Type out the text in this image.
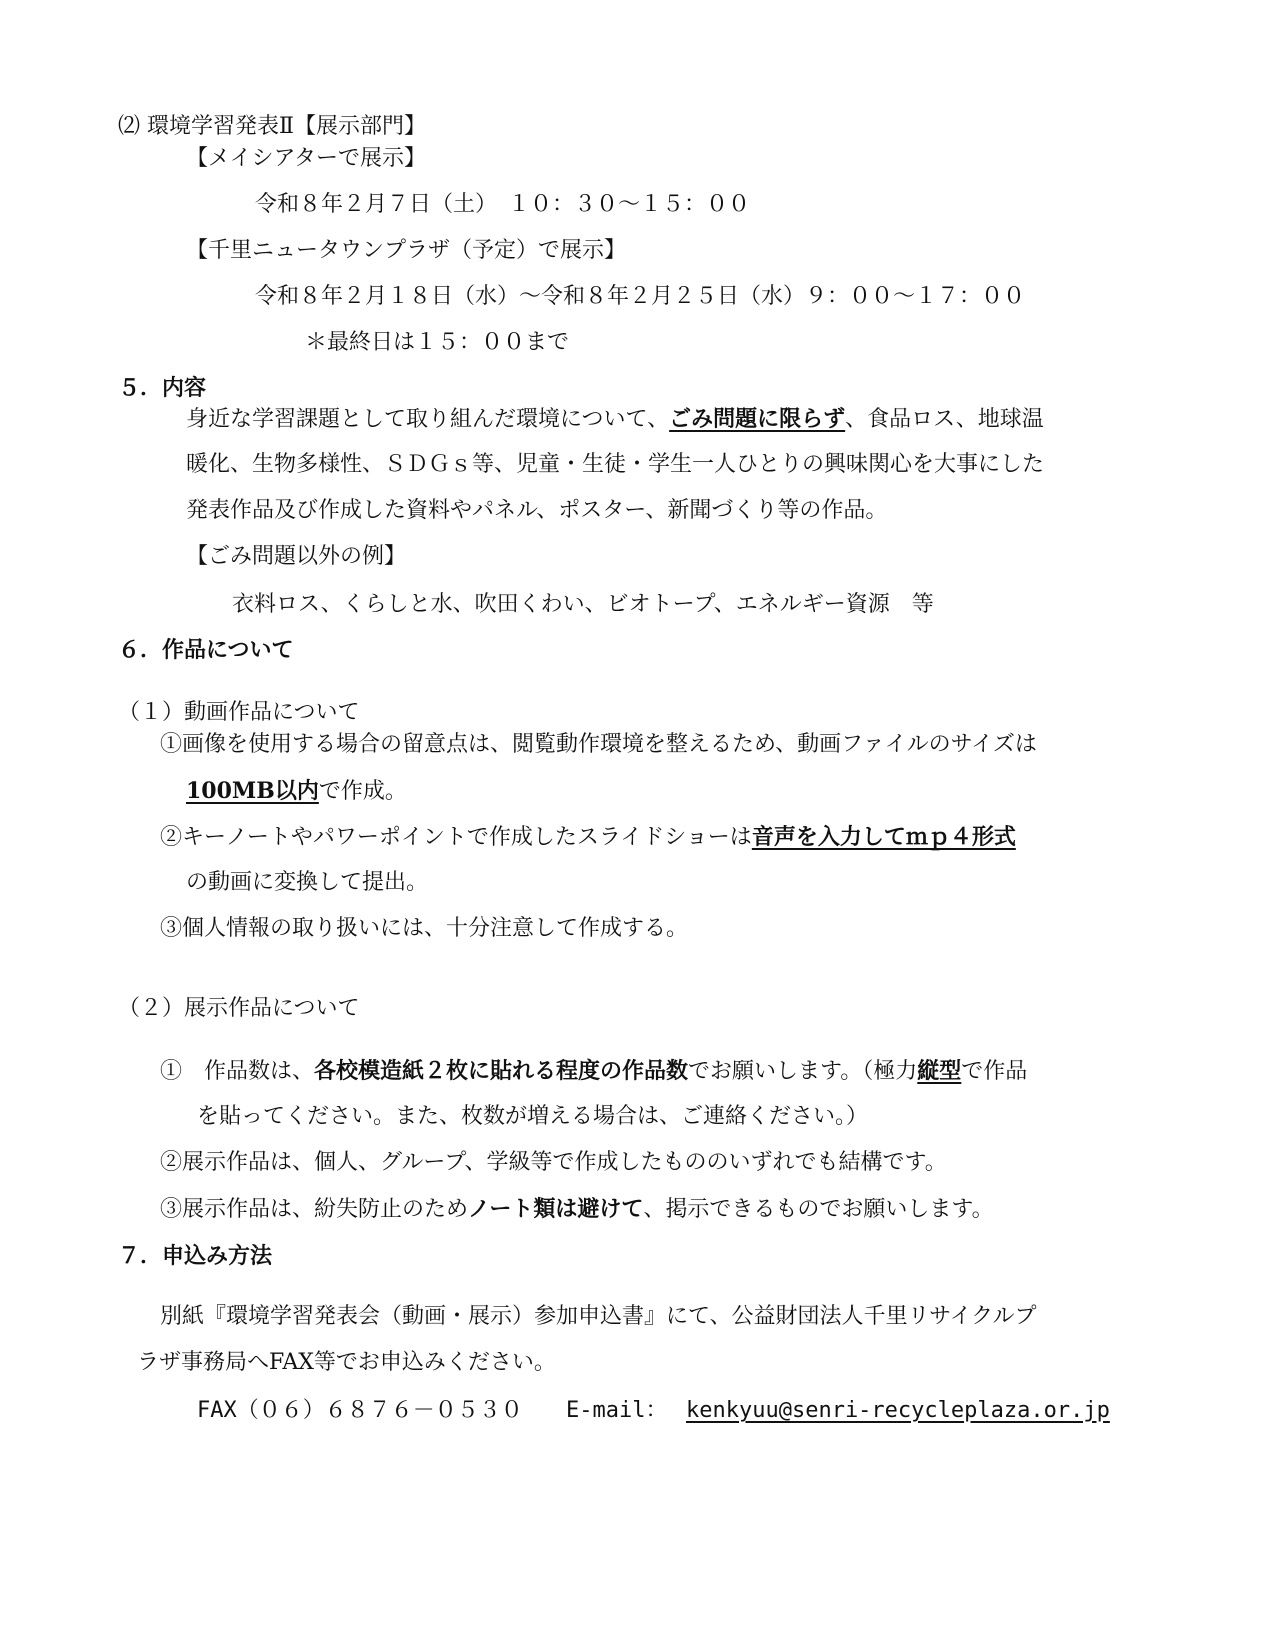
⑵ 環境学習発表Ⅱ【展示部門】
【メイシアターで展示】
令和８年２月７日（土）　１０：３０～１５：００
【千里ニュータウンプラザ（予定）で展示】
令和８年２月１８日（水）～令和８年２月２５日（水）９：００～１７：００
＊最終日は１５：００まで
５．内容
身近な学習課題として取り組んだ環境について、ごみ問題に限らず、食品ロス、地球温
暖化、生物多様性、ＳＤＧｓ等、児童・生徒・学生一人ひとりの興味関心を大事にした
発表作品及び作成した資料やパネル、ポスター、新聞づくり等の作品。
【ごみ問題以外の例】
衣料ロス、くらしと水、吹田くわい、ビオトープ、エネルギー資源　等
６．作品について
（１）動画作品について
①画像を使用する場合の留意点は、閲覧動作環境を整えるため、動画ファイルのサイズは
100MB以内で作成。
②キーノートやパワーポイントで作成したスライドショーは音声を入力してｍｐ４形式
の動画に変換して提出。
③個人情報の取り扱いには、十分注意して作成する。
（２）展示作品について
①　作品数は、各校模造紙２枚に貼れる程度の作品数でお願いします。（極力縦型で作品
を貼ってください。また、枚数が増える場合は、ご連絡ください。）
②展示作品は、個人、グループ、学級等で作成したもののいずれでも結構です。
③展示作品は、紛失防止のためノート類は避けて、掲示できるものでお願いします。
７．申込み方法
別紙『環境学習発表会（動画・展示）参加申込書』にて、公益財団法人千里リサイクルプ
ラザ事務局へFAX等でお申込みください。
FAX（０６）６８７６－０５３０ E-mail： kenkyuu@senri-recycleplaza.or.jp
